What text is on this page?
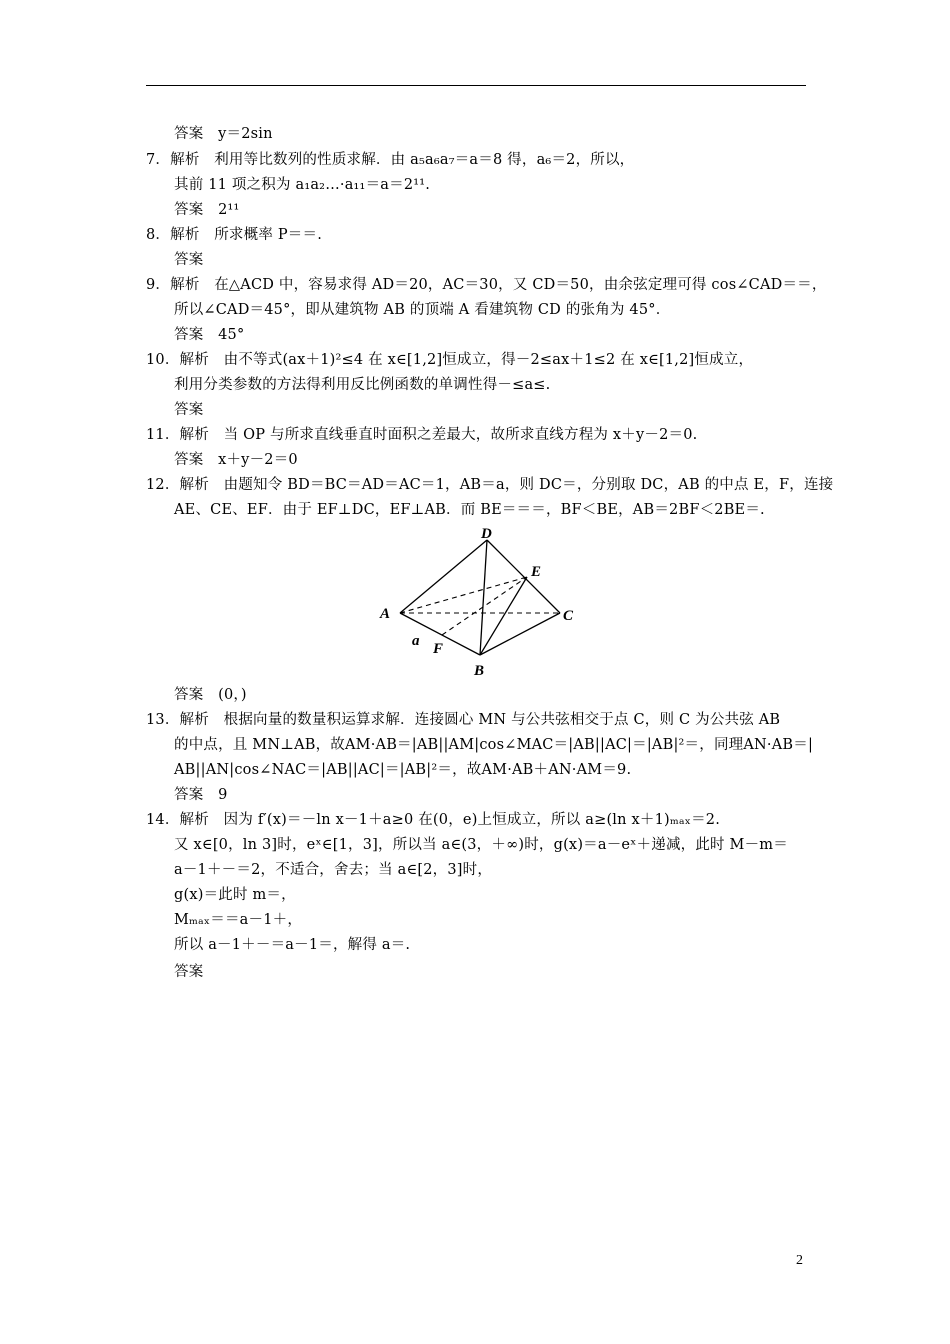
答案　y＝2sin
7．解析　利用等比数列的性质求解．由 a₅a₆a₇＝a＝8 得，a₆＝2，所以，
其前 11 项之积为 a₁a₂…·a₁₁＝a＝2¹¹.
答案　2¹¹
8．解析　所求概率 P＝＝.
答案
9．解析　在△ACD 中，容易求得 AD＝20，AC＝30，又 CD＝50，由余弦定理可得 cos∠CAD＝＝，
所以∠CAD＝45°，即从建筑物 AB 的顶端 A 看建筑物 CD 的张角为 45°．
答案　45°
10．解析　由不等式(ax＋1)²≤4 在 x∈[1,2]恒成立，得－2≤ax＋1≤2 在 x∈[1,2]恒成立，
利用分类参数的方法得利用反比例函数的单调性得－≤a≤.
答案
11．解析　当 OP 与所求直线垂直时面积之差最大，故所求直线方程为 x＋y－2＝0.
答案　x＋y－2＝0
12．解析　由题知令 BD＝BC＝AD＝AC＝1，AB＝a，则 DC＝，分别取 DC，AB 的中点 E，F，连接
AE、CE、EF．由于 EF⊥DC，EF⊥AB．而 BE＝＝＝，BF＜BE，AB＝2BF＜2BE＝.
答案　(0，)
13．解析　根据向量的数量积运算求解．连接圆心 MN 与公共弦相交于点 C，则 C 为公共弦 AB
的中点，且 MN⊥AB，故AM·AB＝|AB||AM|cos∠MAC＝|AB||AC|＝|AB|²＝，同理AN·AB＝|
AB||AN|cos∠NAC＝|AB||AC|＝|AB|²＝，故AM·AB＋AN·AM＝9.
答案　9
14．解析　因为 f′(x)＝－ln x－1＋a≥0 在(0，e)上恒成立，所以 a≥(ln x＋1)ₘₐₓ＝2.
又 x∈[0，ln 3]时，eˣ∈[1，3]，所以当 a∈(3，＋∞)时，g(x)＝a－eˣ＋递减，此时 M－m＝
a－1＋－＝2，不适合，舍去；当 a∈[2，3]时，
g(x)＝此时 m＝，
Mₘₐₓ＝＝a－1＋，
所以 a－1＋－＝a－1＝，解得 a＝.
答案
D
E
A	C
a F
B
2
